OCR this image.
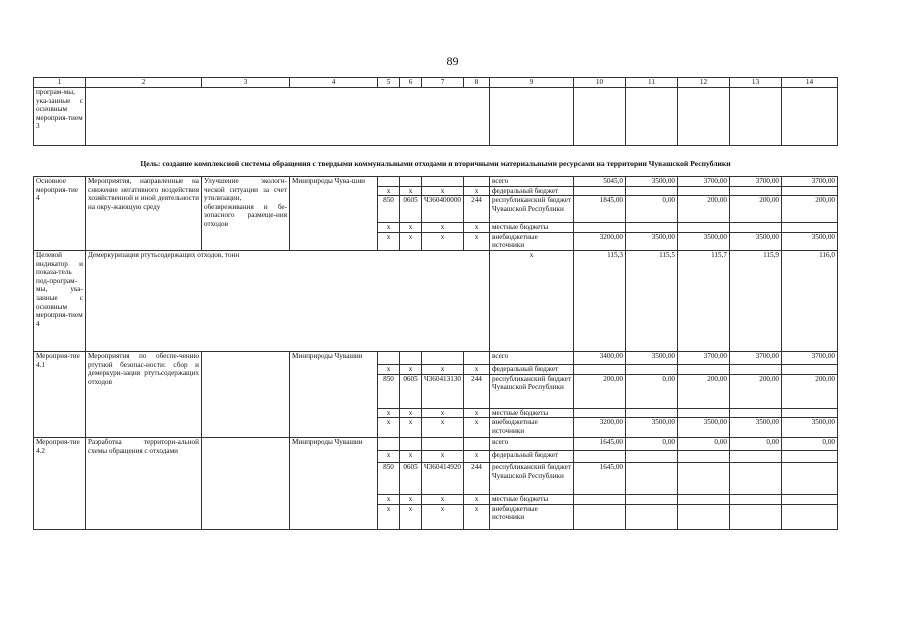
89
1	2	3	4	5	6	7	8	9	10	11	12	13	14
програм-мы, ука-занные с основным мероприя-тием 3													
Цель: создание комплексной системы обращения с твердыми коммунальными отходами и вторичными материальными ресурсами на территории Чувашской Республики													
Основное мероприя-тие 4	Мероприятия, направленные на снижение негативного воздействия хозяйственной и иной деятельности на окру-жающую среду	Улучшение экологи-ческой ситуации за счет утилизации, обезвреживания и бе-зопасного размеще-ния отходов	Минприроды Чува-шии					всего	5045,0	3500,00	3700,00	3700,00	3700,00
				х	х	х	х	федеральный бюджет					
				850	0605	Ч360400000	244	республиканский бюджет Чувашской Республики	1845,00	0,00	200,00	200,00	200,00
				х	х	х	х	местные бюджеты					
				х	х	х	х	внебюджетные источники	3200,00	3500,00	3500,00	3500,00	3500,00
Целевой индикатор и показа-тель под-програм-мы, ука-занные с основным мероприя-тием 4	Демеркуризация ртутьсодержащих отходов, тонн							х	115,3	115,5	115,7	115,9	116,0
Мероприя-тие 4.1	Мероприятия по обеспе-чению ртутной безопас-ности: сбор и демеркури-зация ртутьсодержащих отходов		Минприроды Чувашии					всего	3400,00	3500,00	3700,00	3700,00	3700,00
				х	х	х	х	федеральный бюджет					
				850	0605	Ч360413130	244	республиканский бюджет Чувашской Республики	200,00	0,00	200,00	200,00	200,00
				х	х	х	х	местные бюджеты					
				х	х	х	х	внебюджетные источники	3200,00	3500,00	3500,00	3500,00	3500,00
Мероприя-тие 4.2	Разработка территори-альной схемы обращения с отходами		Минприроды Чувашии					всего	1645,00	0,00	0,00	0,00	0,00
				х	х	х	х	федеральный бюджет					
				850	0605	Ч360414920	244	республиканский бюджет Чувашской Республики	1645,00				
				х	х	х	х	местные бюджеты					
				х	х	х	х	внебюджетные источники					
